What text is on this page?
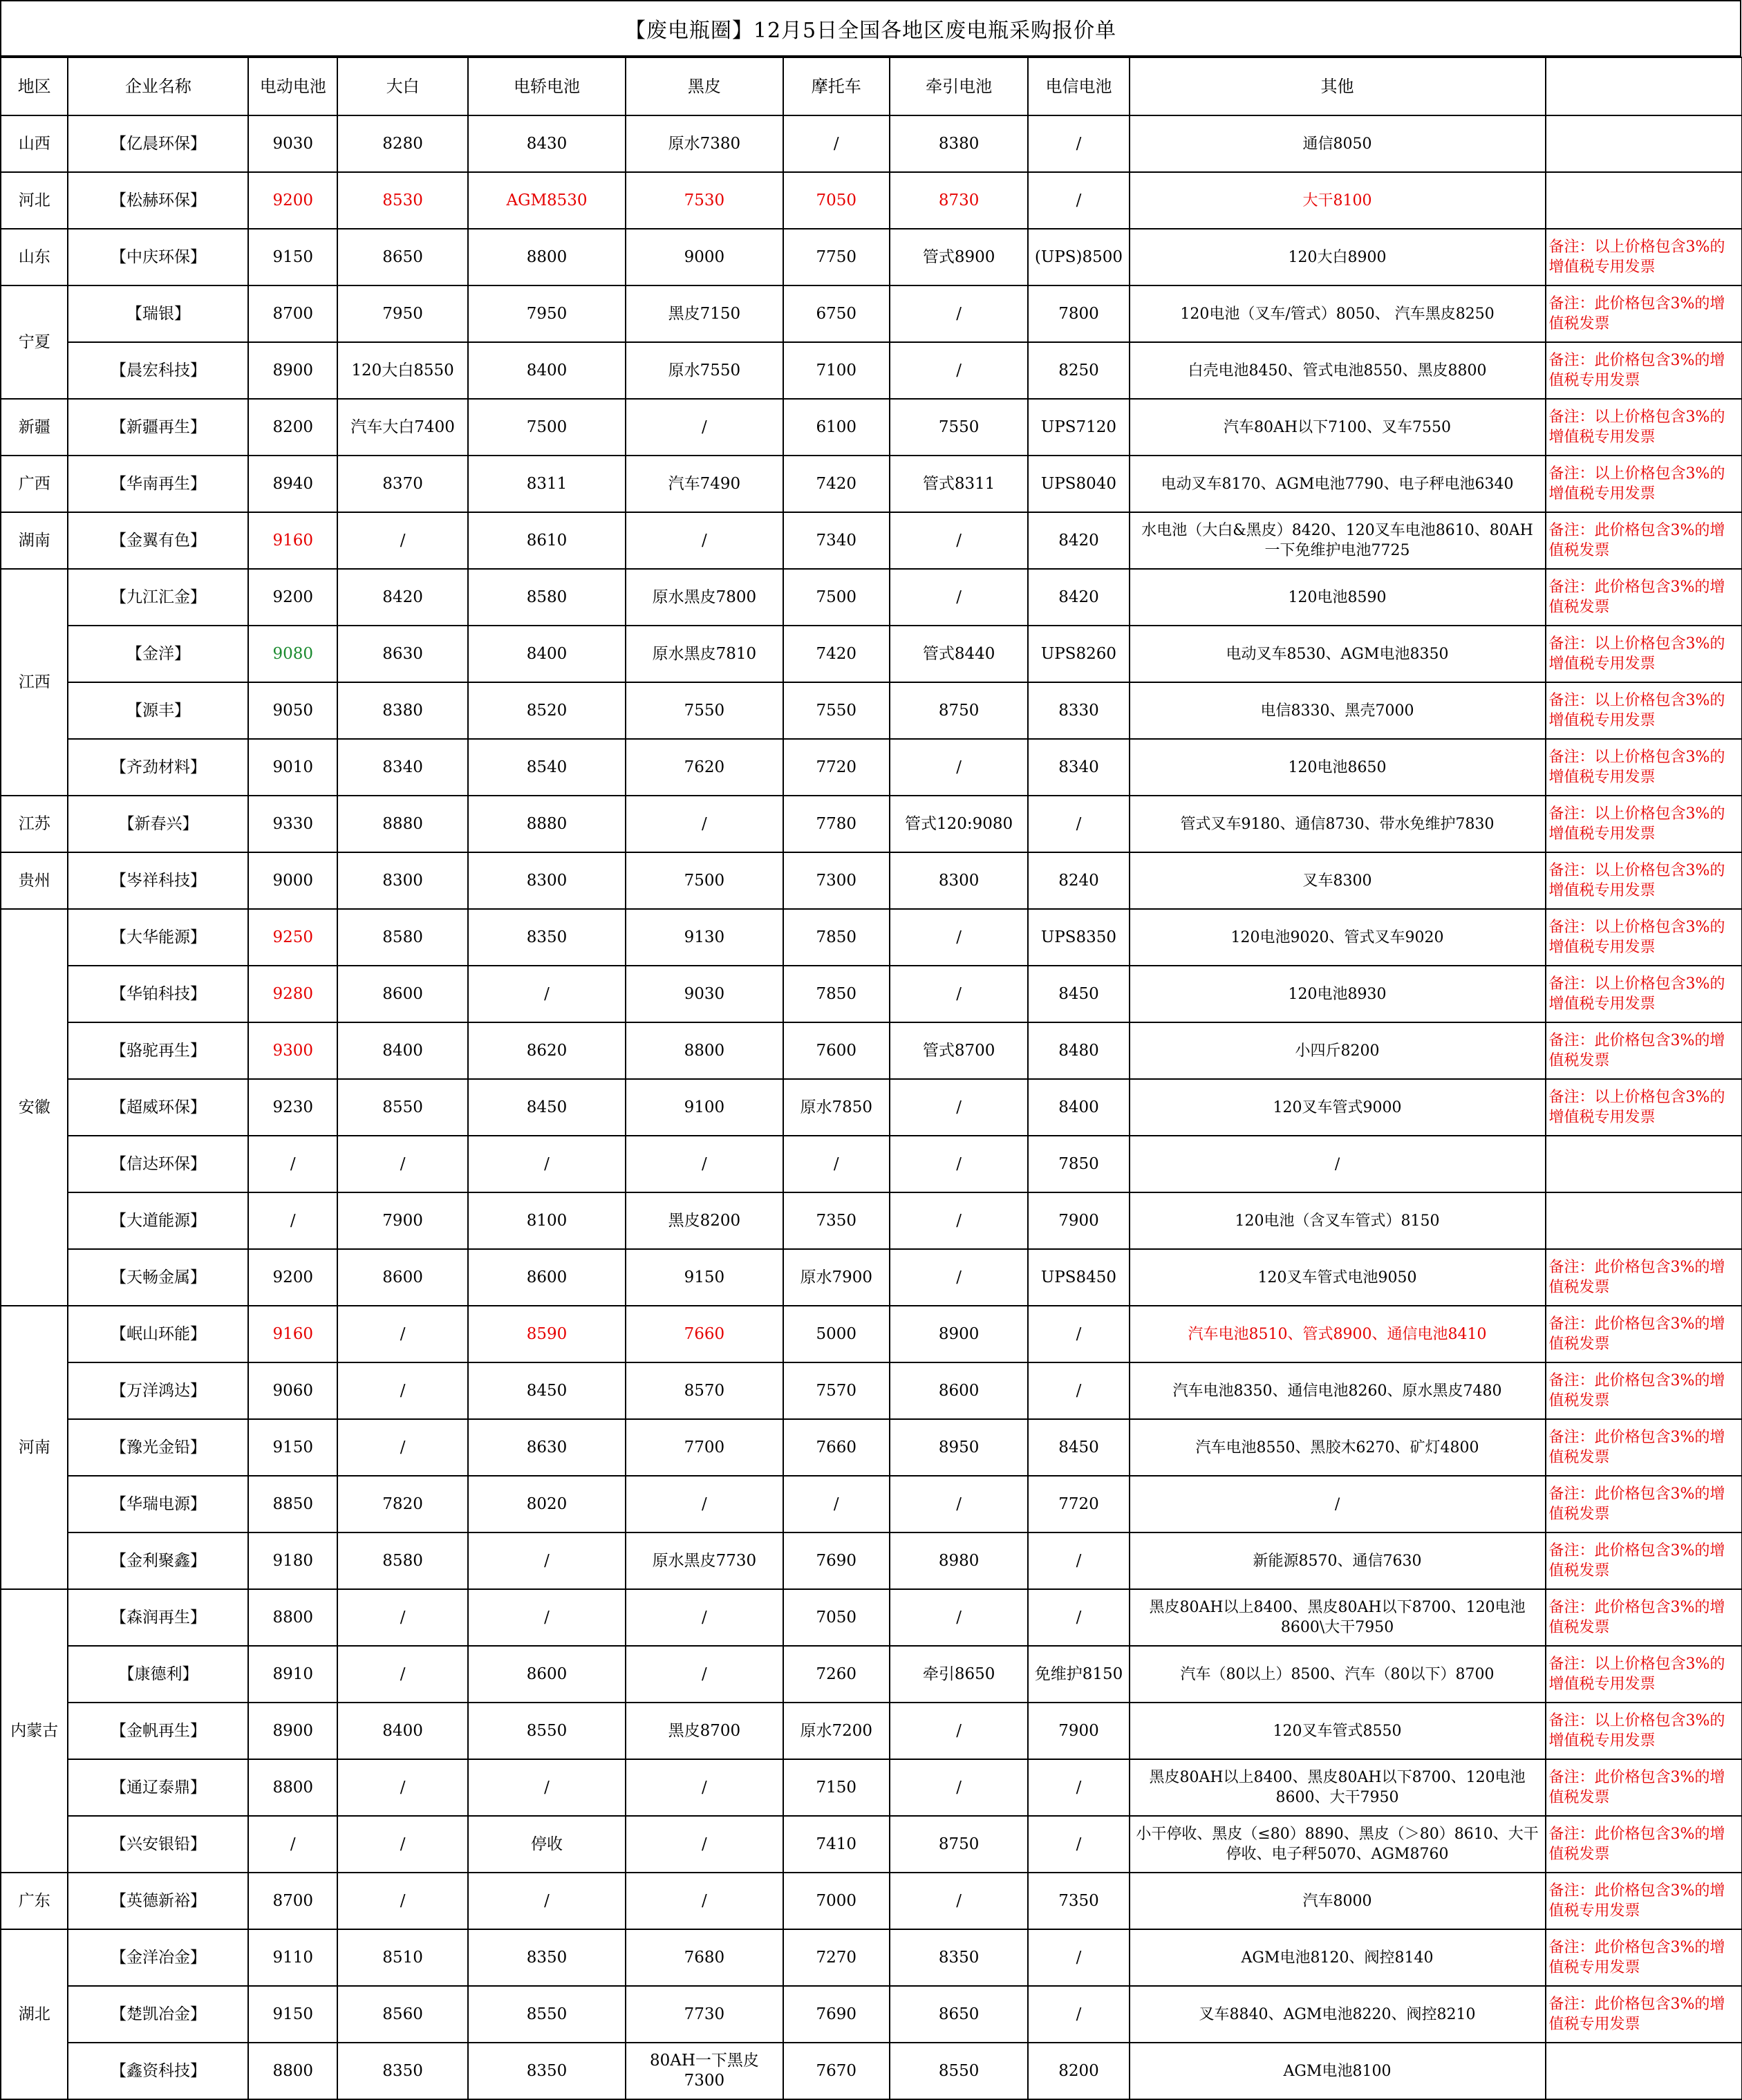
【废电瓶圈】12月5日全国各地区废电瓶采购报价单
地区	企业名称	电动电池	大白	电轿电池	黑皮	摩托车	牵引电池	电信电池	其他	
山西	【亿晨环保】	9030	8280	8430	原水7380	/	8380	/	通信8050	
河北	【松赫环保】	9200	8530	AGM8530	7530	7050	8730	/	大干8100	
山东	【中庆环保】	9150	8650	8800	9000	7750	管式8900	(UPS)8500	120大白8900	备注：以上价格包含3%的增值税专用发票
宁夏	【瑞银】	8700	7950	7950	黑皮7150	6750	/	7800	120电池（叉车/管式）8050、 汽车黑皮8250	备注：此价格包含3%的增值税发票
	【晨宏科技】	8900	120大白8550	8400	原水7550	7100	/	8250	白壳电池8450、管式电池8550、黑皮8800	备注：此价格包含3%的增值税专用发票
新疆	【新疆再生】	8200	汽车大白7400	7500	/	6100	7550	UPS7120	汽车80AH以下7100、叉车7550	备注：以上价格包含3%的增值税专用发票
广西	【华南再生】	8940	8370	8311	汽车7490	7420	管式8311	UPS8040	电动叉车8170、AGM电池7790、电子秤电池6340	备注：以上价格包含3%的增值税专用发票
湖南	【金翼有色】	9160	/	8610	/	7340	/	8420	水电池（大白&黑皮）8420、120叉车电池8610、80AH一下免维护电池7725	备注：此价格包含3%的增值税发票
江西	【九江汇金】	9200	8420	8580	原水黑皮7800	7500	/	8420	120电池8590	备注：此价格包含3%的增值税发票
	【金洋】	9080	8630	8400	原水黑皮7810	7420	管式8440	UPS8260	电动叉车8530、AGM电池8350	备注：以上价格包含3%的增值税专用发票
	【源丰】	9050	8380	8520	7550	7550	8750	8330	电信8330、黑壳7000	备注：以上价格包含3%的增值税专用发票
	【齐劲材料】	9010	8340	8540	7620	7720	/	8340	120电池8650	备注：以上价格包含3%的增值税专用发票
江苏	【新春兴】	9330	8880	8880	/	7780	管式120:9080	/	管式叉车9180、通信8730、带水免维护7830	备注：以上价格包含3%的增值税专用发票
贵州	【岑祥科技】	9000	8300	8300	7500	7300	8300	8240	叉车8300	备注：以上价格包含3%的增值税专用发票
安徽	【大华能源】	9250	8580	8350	9130	7850	/	UPS8350	120电池9020、管式叉车9020	备注：以上价格包含3%的增值税专用发票
	【华铂科技】	9280	8600	/	9030	7850	/	8450	120电池8930	备注：以上价格包含3%的增值税专用发票
	【骆驼再生】	9300	8400	8620	8800	7600	管式8700	8480	小四斤8200	备注：此价格包含3%的增值税发票
	【超威环保】	9230	8550	8450	9100	原水7850	/	8400	120叉车管式9000	备注：以上价格包含3%的增值税专用发票
	【信达环保】	/	/	/	/	/	/	7850	/	
	【大道能源】	/	7900	8100	黑皮8200	7350	/	7900	120电池（含叉车管式）8150	
	【天畅金属】	9200	8600	8600	9150	原水7900	/	UPS8450	120叉车管式电池9050	备注：此价格包含3%的增值税发票
河南	【岷山环能】	9160	/	8590	7660	5000	8900	/	汽车电池8510、管式8900、通信电池8410	备注：此价格包含3%的增值税发票
	【万洋鸿达】	9060	/	8450	8570	7570	8600	/	汽车电池8350、通信电池8260、原水黑皮7480	备注：此价格包含3%的增值税发票
	【豫光金铅】	9150	/	8630	7700	7660	8950	8450	汽车电池8550、黑胶木6270、矿灯4800	备注：此价格包含3%的增值税发票
	【华瑞电源】	8850	7820	8020	/	/	/	7720	/	备注：此价格包含3%的增值税发票
	【金利聚鑫】	9180	8580	/	原水黑皮7730	7690	8980	/	新能源8570、通信7630	备注：此价格包含3%的增值税发票
内蒙古	【森润再生】	8800	/	/	/	7050	/	/	黑皮80AH以上8400、黑皮80AH以下8700、120电池8600\大干7950	备注：此价格包含3%的增值税发票
	【康德利】	8910	/	8600	/	7260	牵引8650	免维护8150	汽车（80以上）8500、汽车（80以下）8700	备注：以上价格包含3%的增值税专用发票
	【金帆再生】	8900	8400	8550	黑皮8700	原水7200	/	7900	120叉车管式8550	备注：以上价格包含3%的增值税专用发票
	【通辽泰鼎】	8800	/	/	/	7150	/	/	黑皮80AH以上8400、黑皮80AH以下8700、120电池8600、大干7950	备注：此价格包含3%的增值税发票
	【兴安银铅】	/	/	停收	/	7410	8750	/	小干停收、黑皮（≤80）8890、黑皮（＞80）8610、大干停收、电子秤5070、AGM8760	备注：此价格包含3%的增值税发票
广东	【英德新裕】	8700	/	/	/	7000	/	7350	汽车8000	备注：此价格包含3%的增值税专用发票
湖北	【金洋冶金】	9110	8510	8350	7680	7270	8350	/	AGM电池8120、阀控8140	备注：此价格包含3%的增值税专用发票
	【楚凯冶金】	9150	8560	8550	7730	7690	8650	/	叉车8840、AGM电池8220、阀控8210	备注：此价格包含3%的增值税专用发票
	【鑫资科技】	8800	8350	8350	80AH一下黑皮7300	7670	8550	8200	AGM电池8100	
